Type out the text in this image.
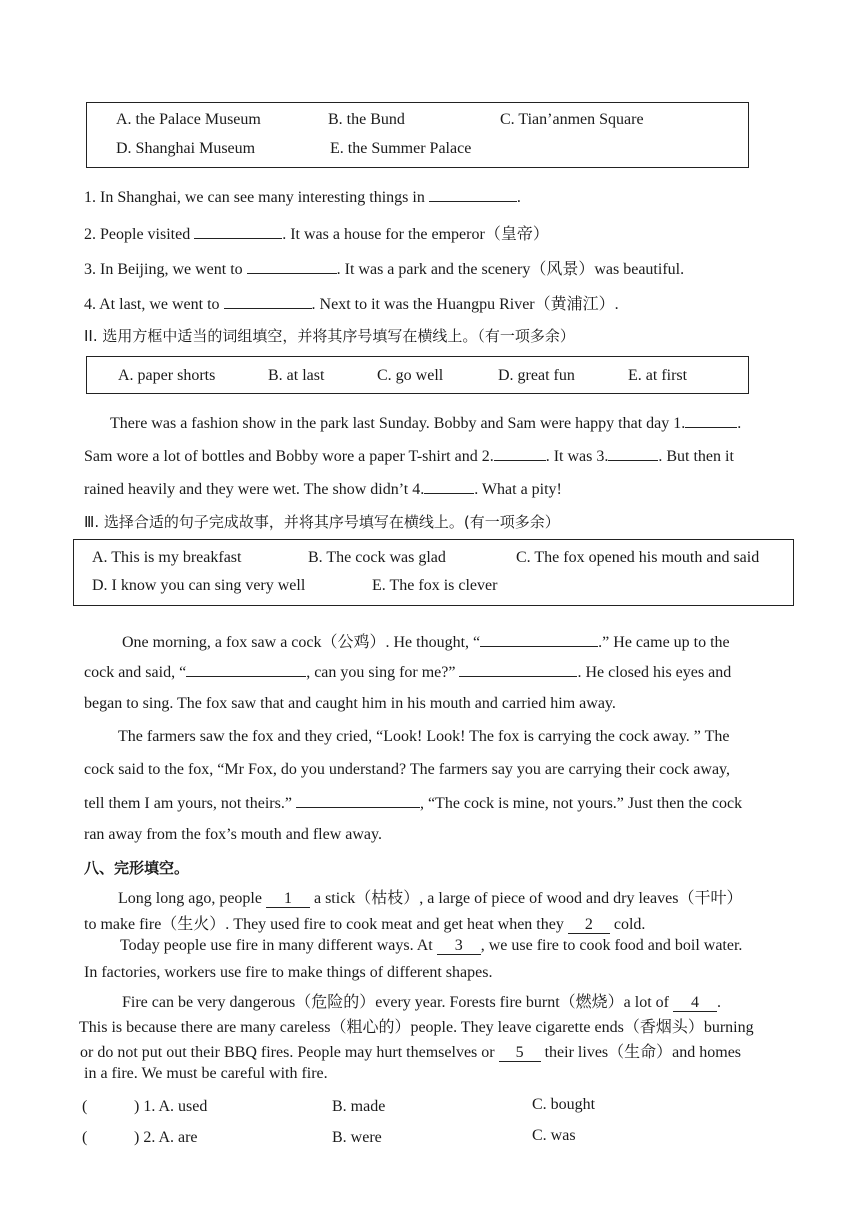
A. the Palace Museum	B. the Bund	C. Tian’anmen Square
D. Shanghai Museum	E. the Summer Palace
1. In Shanghai, we can see many interesting things in	.
2. People visited	. It was a house for the emperor（皇帝）
3. In Beijing, we went to	. It was a park and the scenery（风景）was beautiful.
4. At last, we went to	. Next to it was the Huangpu River（黄浦江）.
II. 选用方框中适当的词组填空，并将其序号填写在横线上。（有一项多余）
A. paper shorts	B. at last	C. go well	D. great fun	E. at first
There was a fashion show in the park last Sunday. Bobby and Sam were happy that day 1.	.
Sam wore a lot of bottles and Bobby wore a paper T-shirt and 2.	. It was 3.	. But then it
rained heavily and they were wet. The show didn’t 4.	. What a pity!
Ⅲ. 选择合适的句子完成故事，并将其序号填写在横线上。(有一项多余）
A. This is my breakfast	B. The cock was glad	C. The fox opened his mouth and said
D. I know you can sing very well	E. The fox is clever
One morning, a fox saw a cock（公鸡）. He thought, “	.” He came up to the
cock and said, “	, can you sing for me?”	. He closed his eyes and
began to sing. The fox saw that and caught him in his mouth and carried him away.
The farmers saw the fox and they cried, “Look! Look! The fox is carrying the cock away. ” The
cock said to the fox, “Mr Fox, do you understand? The farmers say you are carrying their cock away,
tell them I am yours, not theirs.”	, “The cock is mine, not yours.” Just then the cock
ran away from the fox’s mouth and flew away.
八、完形填空。
Long long ago, people 1 a stick（枯枝）, a large of piece of wood and dry leaves（干叶）
to make fire（生火）. They used fire to cook meat and get heat when they 2 cold.
Today people use fire in many different ways. At 3 , we use fire to cook food and boil water.
In factories, workers use fire to make things of different shapes.
Fire can be very dangerous（危险的）every year. Forests fire burnt（燃烧）a lot of 4 .
This is because there are many careless（粗心的）people. They leave cigarette ends（香烟头）burning
or do not put out their BBQ fires. People may hurt themselves or 5 their lives（生命）and homes
in a fire. We must be careful with fire.
(	) 1. A. used	B. made	C. bought
(	) 2. A. are	B. were	C. was
